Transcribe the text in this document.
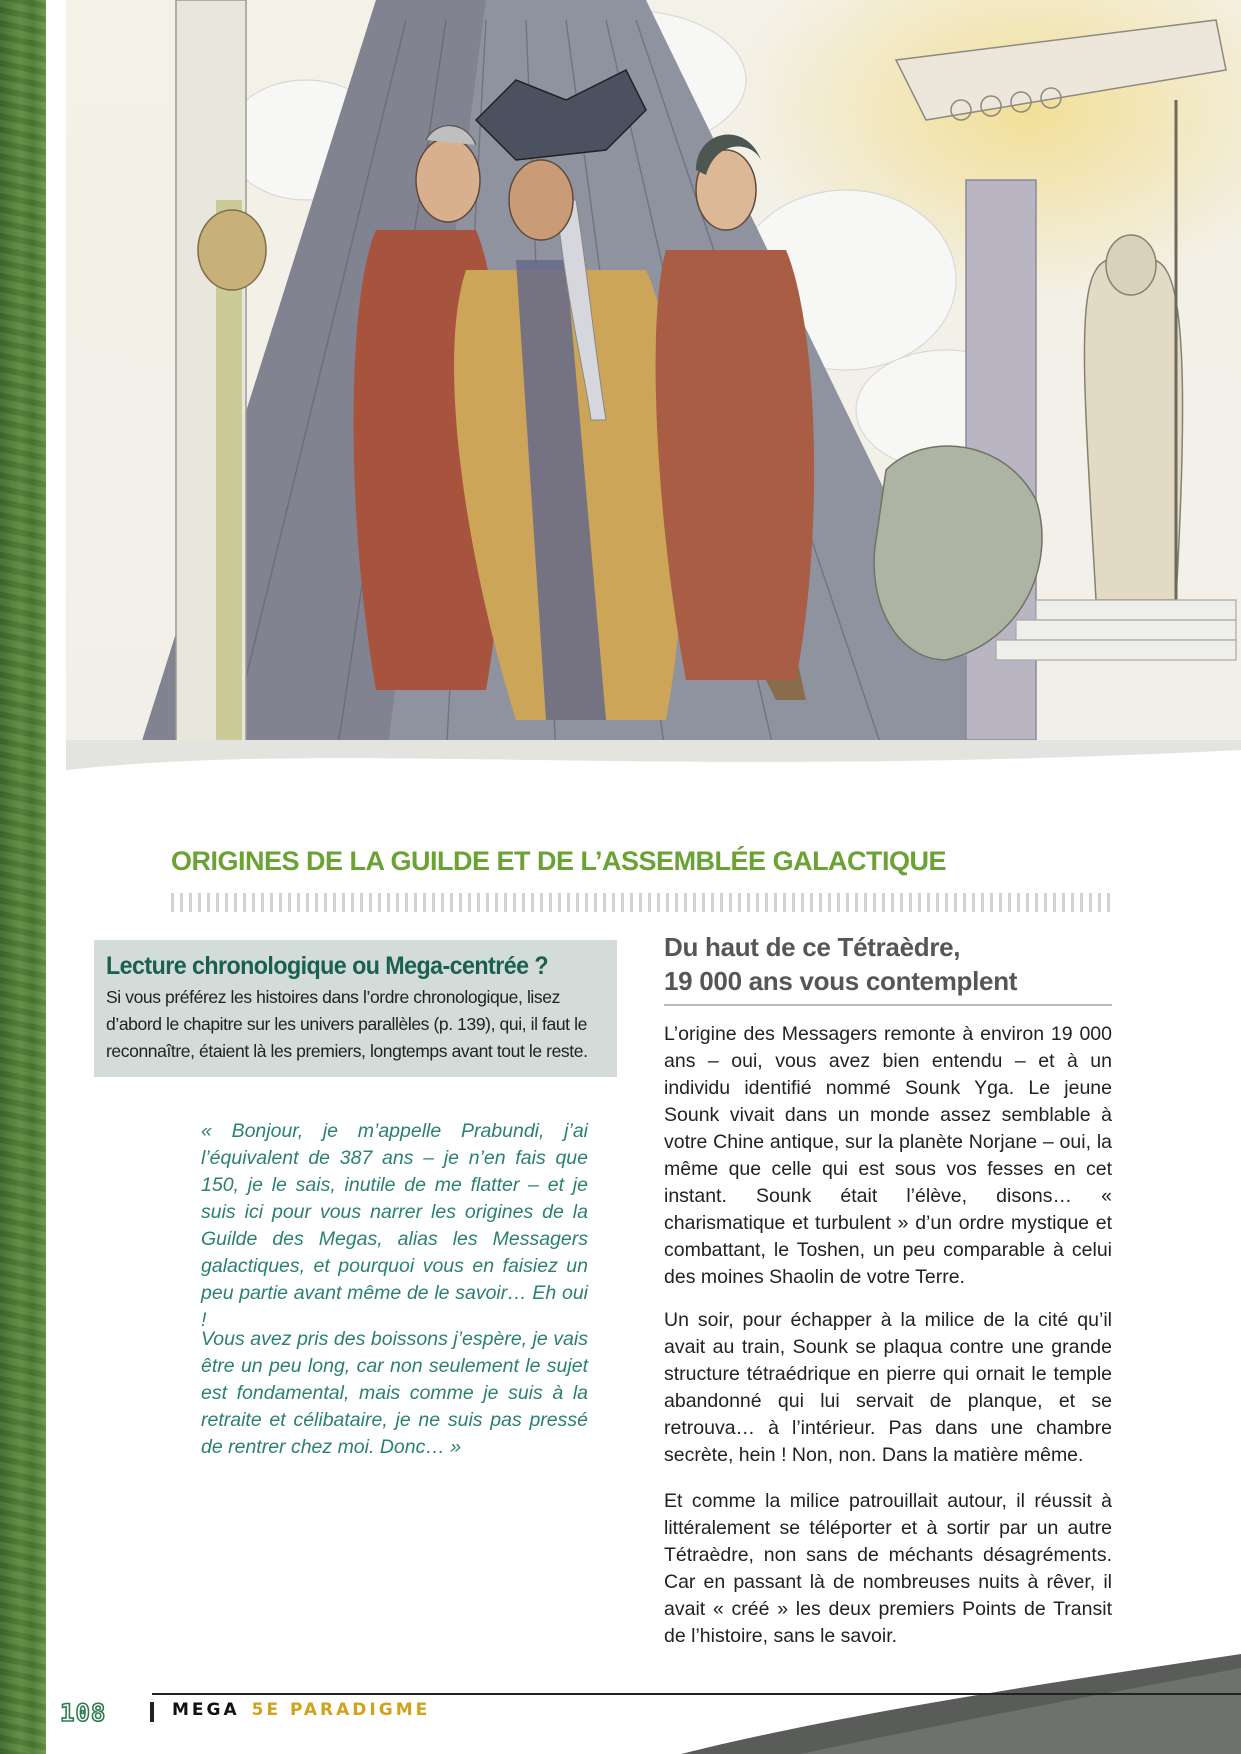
ORIGINES DE LA GUILDE ET DE L’ASSEMBLÉE GALACTIQUE
Lecture chronologique ou Mega-centrée ?
Si vous préférez les histoires dans l’ordre chronologique, lisez d’abord le chapitre sur les univers parallèles (p. 139), qui, il faut le reconnaître, étaient là les premiers, longtemps avant tout le reste.
« Bonjour, je m’appelle Prabundi, j’ai l’équivalent de 387 ans – je n’en fais que 150, je le sais, inutile de me flatter – et je suis ici pour vous narrer les origines de la Guilde des Megas, alias les Messagers galactiques, et pourquoi vous en faisiez un peu partie avant même de le savoir… Eh oui !
Vous avez pris des boissons j’espère, je vais être un peu long, car non seulement le sujet est fondamental, mais comme je suis à la retraite et célibataire, je ne suis pas pressé de rentrer chez moi. Donc… »
Du haut de ce Tétraèdre,
19 000 ans vous contemplent
L’origine des Messagers remonte à environ 19 000 ans – oui, vous avez bien entendu – et à un individu identifié nommé Sounk Yga. Le jeune Sounk vivait dans un monde assez semblable à votre Chine antique, sur la planète Norjane – oui, la même que celle qui est sous vos fesses en cet instant. Sounk était l’élève, disons… « charismatique et turbulent » d’un ordre mystique et combattant, le Toshen, un peu comparable à celui des moines Shaolin de votre Terre.
Un soir, pour échapper à la milice de la cité qu’il avait au train, Sounk se plaqua contre une grande structure tétraédrique en pierre qui ornait le temple abandonné qui lui servait de planque, et se retrouva… à l’intérieur. Pas dans une chambre secrète, hein ! Non, non. Dans la matière même.
Et comme la milice patrouillait autour, il réussit à littéralement se téléporter et à sortir par un autre Tétraèdre, non sans de méchants désagréments. Car en passant là de nombreuses nuits à rêver, il avait « créé » les deux premiers Points de Transit de l’histoire, sans le savoir.
108	MEGA 5E PARADIGME
